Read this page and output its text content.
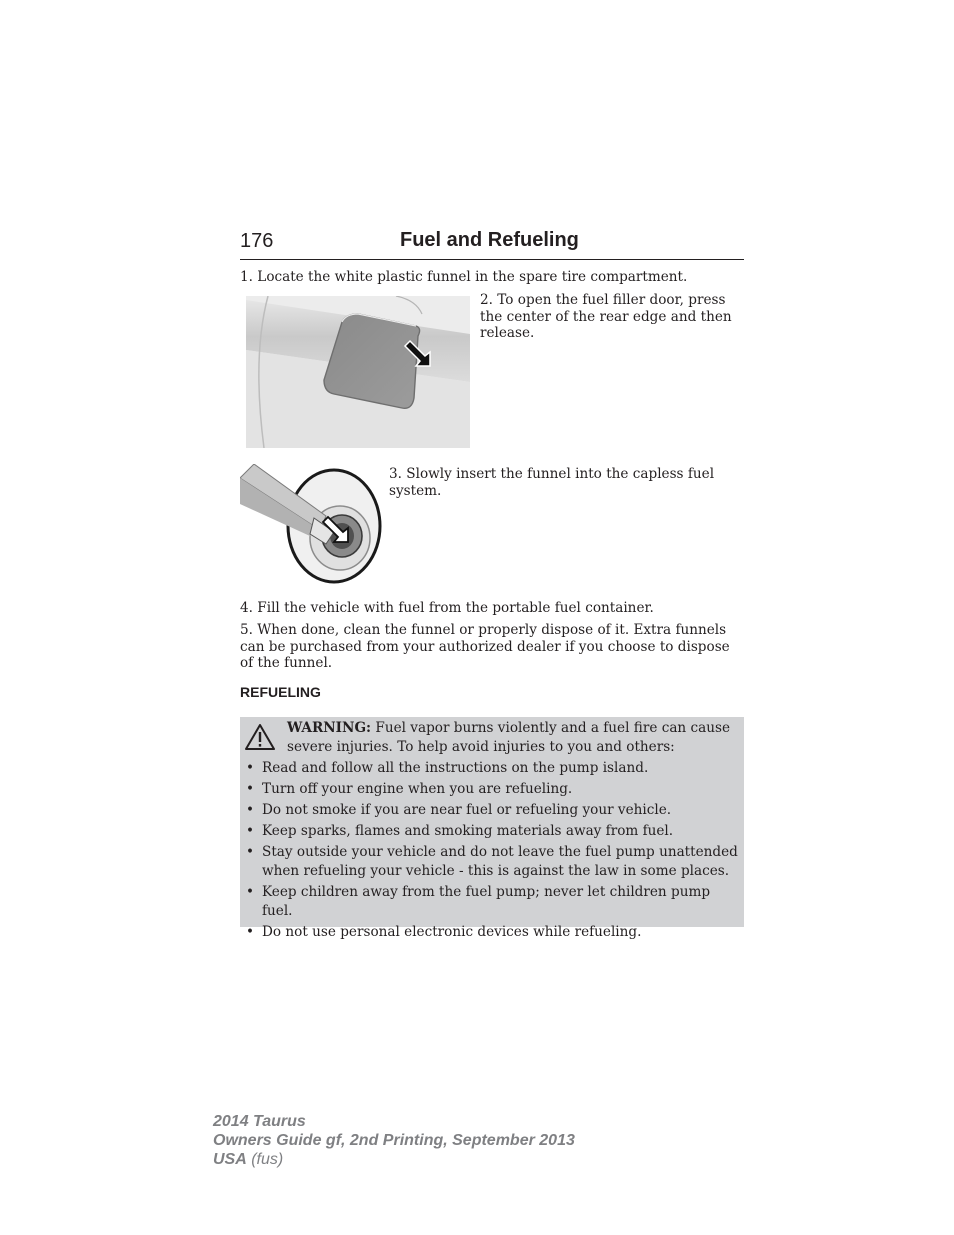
176	Fuel and Refueling
1. Locate the white plastic funnel in the spare tire compartment.
2. To open the fuel filler door, press the center of the rear edge and then release.
3. Slowly insert the funnel into the capless fuel system.
4. Fill the vehicle with fuel from the portable fuel container.
5. When done, clean the funnel or properly dispose of it. Extra funnels can be purchased from your authorized dealer if you choose to dispose of the funnel.
REFUELING
WARNING: Fuel vapor burns violently and a fuel fire can cause severe injuries. To help avoid injuries to you and others:
• Read and follow all the instructions on the pump island.
• Turn off your engine when you are refueling.
• Do not smoke if you are near fuel or refueling your vehicle.
• Keep sparks, flames and smoking materials away from fuel.
• Stay outside your vehicle and do not leave the fuel pump unattended when refueling your vehicle - this is against the law in some places.
• Keep children away from the fuel pump; never let children pump fuel.
• Do not use personal electronic devices while refueling.
2014 Taurus
Owners Guide gf, 2nd Printing, September 2013
USA (fus)
